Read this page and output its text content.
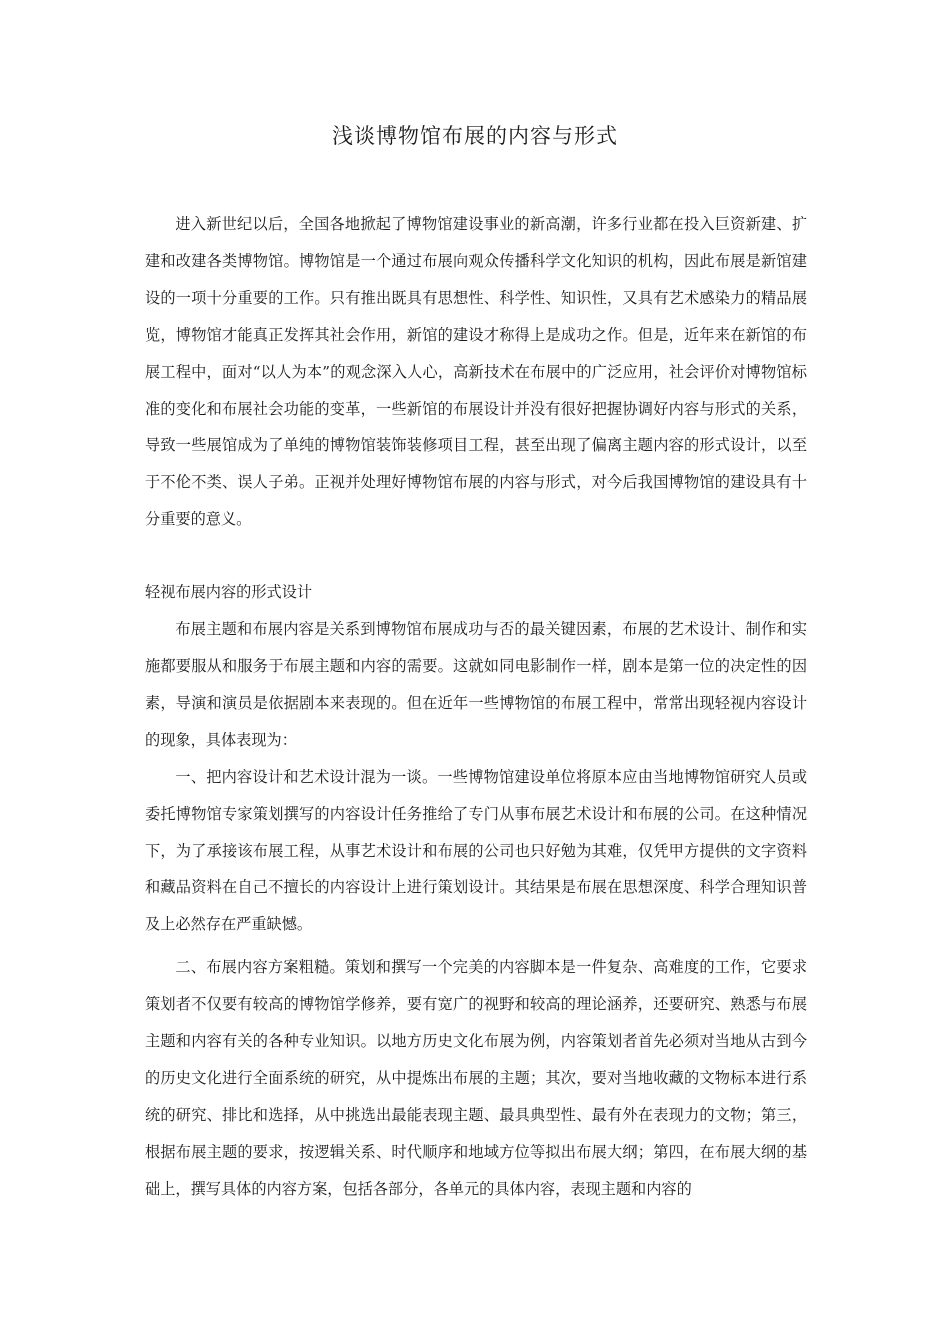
浅谈博物馆布展的内容与形式

进入新世纪以后，全国各地掀起了博物馆建设事业的新高潮，许多行业都在投入巨资新建、扩建和改建各类博物馆。博物馆是一个通过布展向观众传播科学文化知识的机构，因此布展是新馆建设的一项十分重要的工作。只有推出既具有思想性、科学性、知识性，又具有艺术感染力的精品展览，博物馆才能真正发挥其社会作用，新馆的建设才称得上是成功之作。但是，近年来在新馆的布展工程中，面对“以人为本”的观念深入人心，高新技术在布展中的广泛应用，社会评价对博物馆标准的变化和布展社会功能的变革，一些新馆的布展设计并没有很好把握协调好内容与形式的关系，导致一些展馆成为了单纯的博物馆装饰装修项目工程，甚至出现了偏离主题内容的形式设计，以至于不伦不类、误人子弟。正视并处理好博物馆布展的内容与形式，对今后我国博物馆的建设具有十分重要的意义。

轻视布展内容的形式设计

布展主题和布展内容是关系到博物馆布展成功与否的最关键因素，布展的艺术设计、制作和实施都要服从和服务于布展主题和内容的需要。这就如同电影制作一样，剧本是第一位的决定性的因素，导演和演员是依据剧本来表现的。但在近年一些博物馆的布展工程中，常常出现轻视内容设计的现象，具体表现为：

一、把内容设计和艺术设计混为一谈。一些博物馆建设单位将原本应由当地博物馆研究人员或委托博物馆专家策划撰写的内容设计任务推给了专门从事布展艺术设计和布展的公司。在这种情况下，为了承接该布展工程，从事艺术设计和布展的公司也只好勉为其难，仅凭甲方提供的文字资料和藏品资料在自己不擅长的内容设计上进行策划设计。其结果是布展在思想深度、科学合理知识普及上必然存在严重缺憾。

二、布展内容方案粗糙。策划和撰写一个完美的内容脚本是一件复杂、高难度的工作，它要求策划者不仅要有较高的博物馆学修养，要有宽广的视野和较高的理论涵养，还要研究、熟悉与布展主题和内容有关的各种专业知识。以地方历史文化布展为例，内容策划者首先必须对当地从古到今的历史文化进行全面系统的研究，从中提炼出布展的主题；其次，要对当地收藏的文物标本进行系统的研究、排比和选择，从中挑选出最能表现主题、最具典型性、最有外在表现力的文物；第三，根据布展主题的要求，按逻辑关系、时代顺序和地域方位等拟出布展大纲；第四，在布展大纲的基础上，撰写具体的内容方案，包括各部分，各单元的具体内容，表现主题和内容的
